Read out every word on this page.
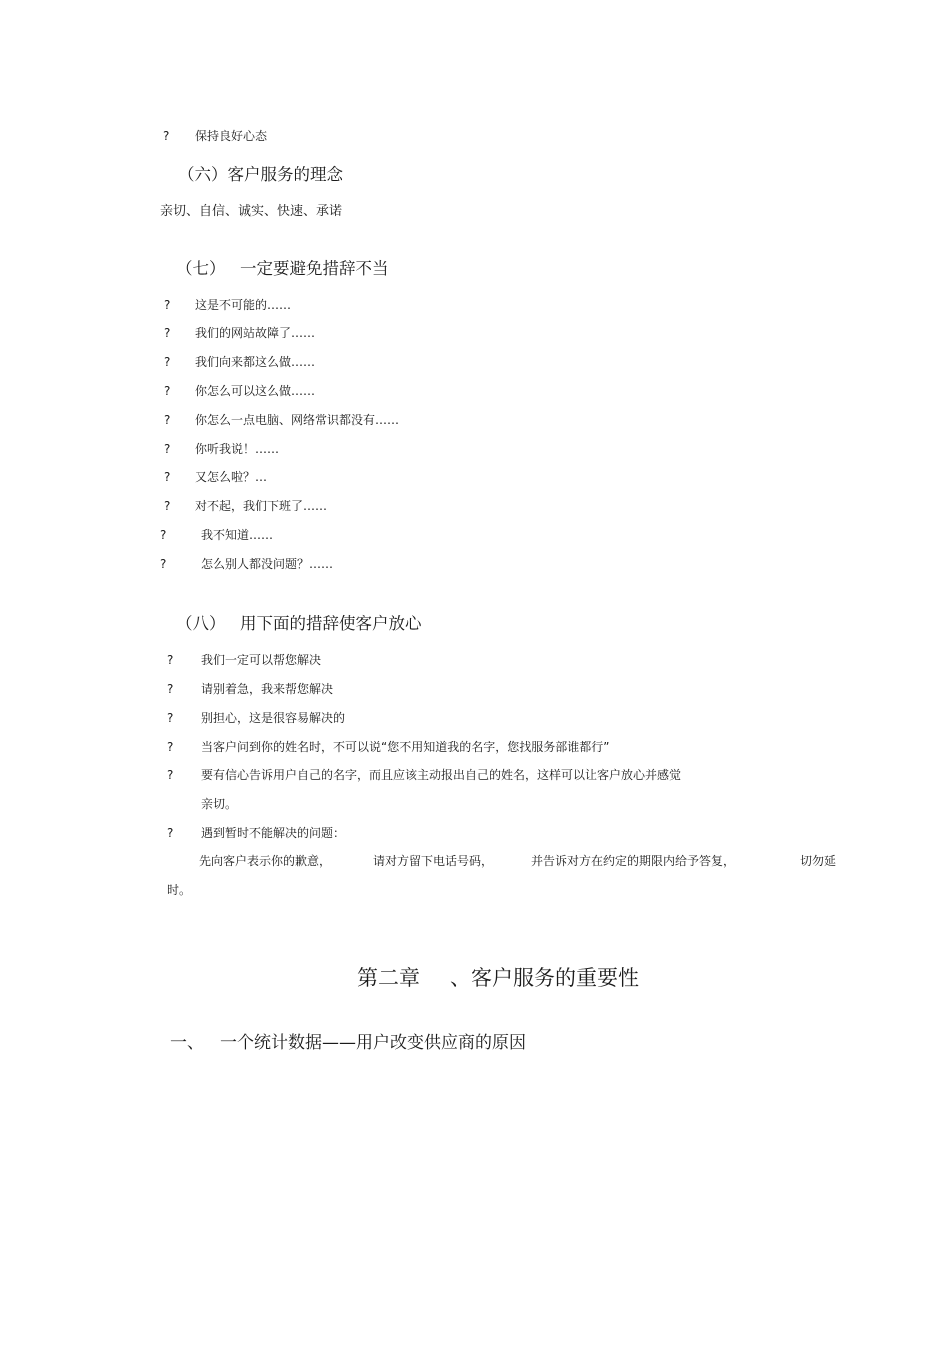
? 保持良好心态
（六）客户服务的理念
亲切、自信、诚实、快速、承诺
（七） 一定要避免措辞不当
? 这是不可能的……
? 我们的网站故障了……
? 我们向来都这么做……
? 你怎么可以这么做……
? 你怎么一点电脑、网络常识都没有……
? 你听我说！……
? 又怎么啦？…
? 对不起，我们下班了……
?	我不知道……
?	怎么别人都没问题？……
（八） 用下面的措辞使客户放心
? 我们一定可以帮您解决
? 请别着急，我来帮您解决
? 别担心，这是很容易解决的
? 当客户问到你的姓名时，不可以说“您不用知道我的名字，您找服务部谁都行”
? 要有信心告诉用户自己的名字，而且应该主动报出自己的姓名，这样可以让客户放心并感觉
亲切。
? 遇到暂时不能解决的问题：
先向客户表示你的歉意，	请对方留下电话号码，	并告诉对方在约定的期限内给予答复，	切勿延
时。
第二章 、客户服务的重要性
一、 一个统计数据——用户改变供应商的原因
